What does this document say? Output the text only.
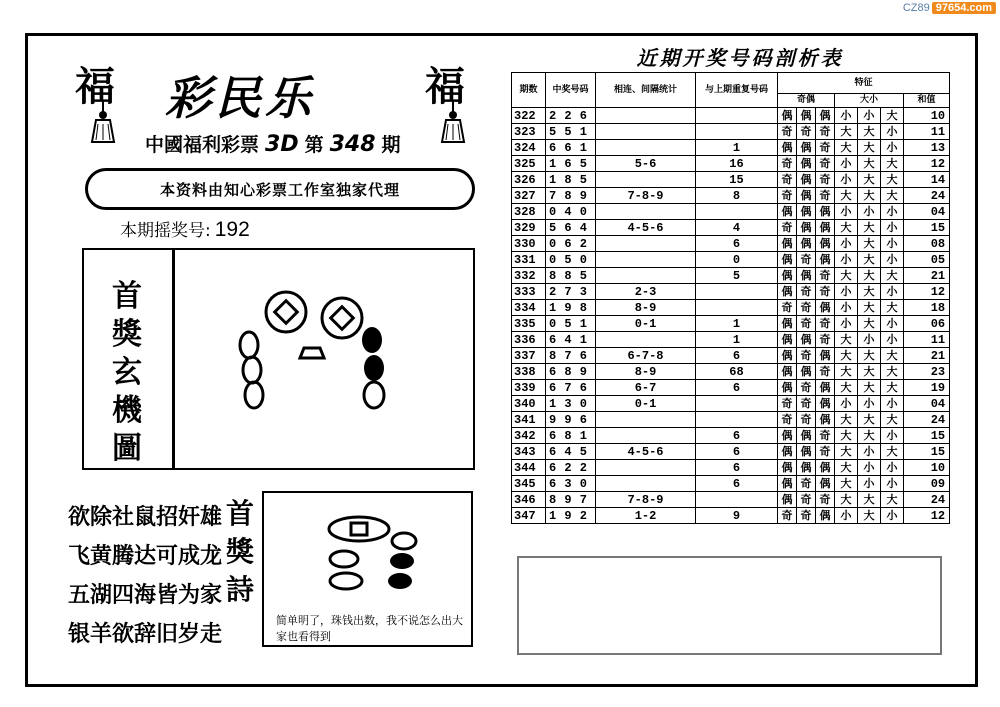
CZ89 97654.com
福	福
彩民乐
中國福利彩票 3D 第 348 期
本资料由知心彩票工作室独家代理
本期摇奖号: 192
首
獎
玄
機
圖
欲除社鼠招奸雄
飞黄腾达可成龙
五湖四海皆为家
银羊欲辞旧岁走
首
獎
詩
简单明了，珠钱出数，我不说怎么出大家也看得到
近期开奖号码剖析表
期数	中奖号码	相连、间隔统计	与上期重复号码	特征						
				奇偶			大小			和值
322	2 2 6			偶	偶	偶	小	小	大	10
323	5 5 1			奇	奇	奇	大	大	小	11
324	6 6 1		1	偶	偶	奇	大	大	小	13
325	1 6 5	5-6	16	奇	偶	奇	小	大	大	12
326	1 8 5		15	奇	偶	奇	小	大	大	14
327	7 8 9	7-8-9	8	奇	偶	奇	大	大	大	24
328	0 4 0			偶	偶	偶	小	小	小	04
329	5 6 4	4-5-6	4	奇	偶	偶	大	大	小	15
330	0 6 2		6	偶	偶	偶	小	大	小	08
331	0 5 0		0	偶	奇	偶	小	大	小	05
332	8 8 5		5	偶	偶	奇	大	大	大	21
333	2 7 3	2-3		偶	奇	奇	小	大	小	12
334	1 9 8	8-9		奇	奇	偶	小	大	大	18
335	0 5 1	0-1	1	偶	奇	奇	小	大	小	06
336	6 4 1		1	偶	偶	奇	大	小	小	11
337	8 7 6	6-7-8	6	偶	奇	偶	大	大	大	21
338	6 8 9	8-9	68	偶	偶	奇	大	大	大	23
339	6 7 6	6-7	6	偶	奇	偶	大	大	大	19
340	1 3 0	0-1		奇	奇	偶	小	小	小	04
341	9 9 6			奇	奇	偶	大	大	大	24
342	6 8 1		6	偶	偶	奇	大	大	小	15
343	6 4 5	4-5-6	6	偶	偶	奇	大	小	大	15
344	6 2 2		6	偶	偶	偶	大	小	小	10
345	6 3 0		6	偶	奇	偶	大	小	小	09
346	8 9 7	7-8-9		偶	奇	奇	大	大	大	24
347	1 9 2	1-2	9	奇	奇	偶	小	大	小	12
